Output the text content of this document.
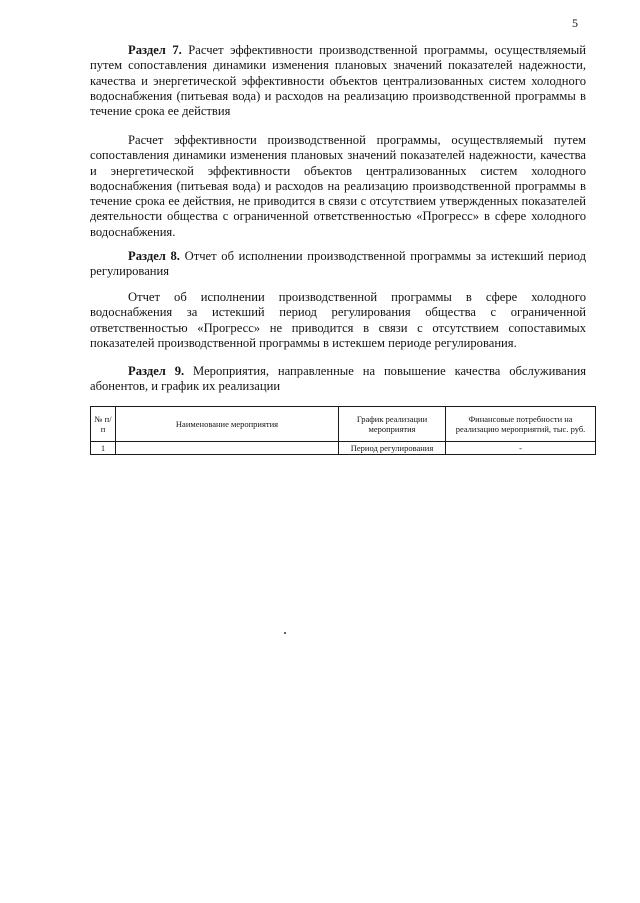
5

Раздел 7. Расчет эффективности производственной программы, осуществляемый путем сопоставления динамики изменения плановых значений показателей надежности, качества и энергетической эффективности объектов централизованных систем холодного водоснабжения (питьевая вода) и расходов на реализацию производственной программы в течение срока ее действия

Расчет эффективности производственной программы, осуществляемый путем сопоставления динамики изменения плановых значений показателей надежности, качества и энергетической эффективности объектов централизованных систем холодного водоснабжения (питьевая вода) и расходов на реализацию производственной программы в течение срока ее действия, не приводится в связи с отсутствием утвержденных показателей деятельности общества с ограниченной ответственностью «Прогресс» в сфере холодного водоснабжения.

Раздел 8. Отчет об исполнении производственной программы за истекший период регулирования

Отчет об исполнении производственной программы в сфере холодного водоснабжения за истекший период регулирования общества с ограниченной ответственностью «Прогресс» не приводится в связи с отсутствием сопоставимых показателей производственной программы в истекшем периоде регулирования.

Раздел 9. Мероприятия, направленные на повышение качества обслуживания абонентов, и график их реализации

№ п/п	Наименование мероприятия	График реализации мероприятия	Финансовые потребности на реализацию мероприятий, тыс. руб.
1		Период регулирования	-
